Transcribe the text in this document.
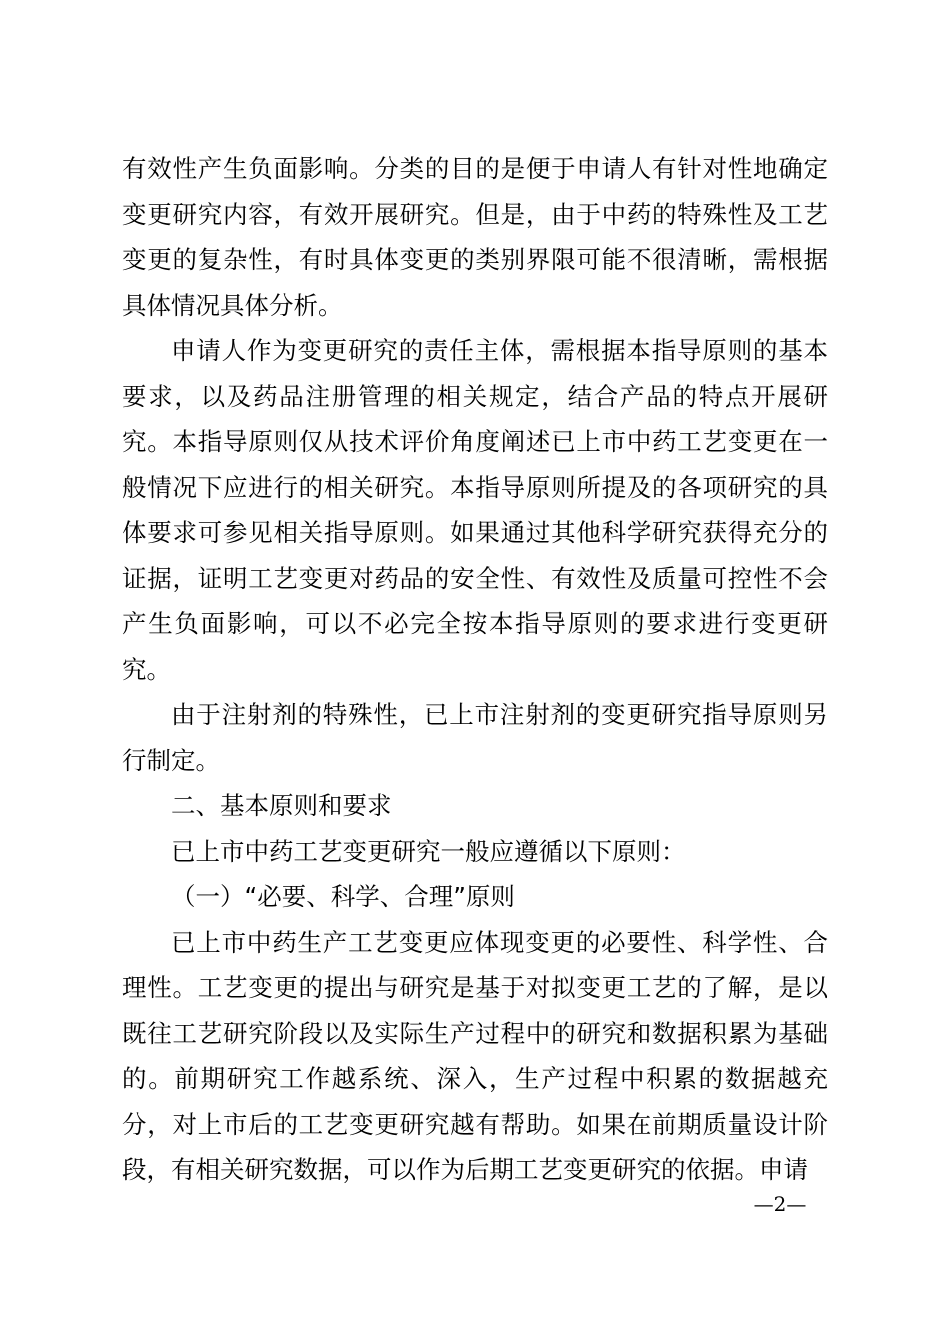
有效性产生负面影响。分类的目的是便于申请人有针对性地确定变更研究内容，有效开展研究。但是，由于中药的特殊性及工艺变更的复杂性，有时具体变更的类别界限可能不很清晰，需根据具体情况具体分析。

申请人作为变更研究的责任主体，需根据本指导原则的基本要求，以及药品注册管理的相关规定，结合产品的特点开展研究。本指导原则仅从技术评价角度阐述已上市中药工艺变更在一般情况下应进行的相关研究。本指导原则所提及的各项研究的具体要求可参见相关指导原则。如果通过其他科学研究获得充分的证据，证明工艺变更对药品的安全性、有效性及质量可控性不会产生负面影响，可以不必完全按本指导原则的要求进行变更研究。

由于注射剂的特殊性，已上市注射剂的变更研究指导原则另行制定。

二、基本原则和要求

已上市中药工艺变更研究一般应遵循以下原则：

（一）“必要、科学、合理”原则

已上市中药生产工艺变更应体现变更的必要性、科学性、合理性。工艺变更的提出与研究是基于对拟变更工艺的了解，是以既往工艺研究阶段以及实际生产过程中的研究和数据积累为基础的。前期研究工作越系统、深入，生产过程中积累的数据越充分，对上市后的工艺变更研究越有帮助。如果在前期质量设计阶段，有相关研究数据，可以作为后期工艺变更研究的依据。申请

—2—
